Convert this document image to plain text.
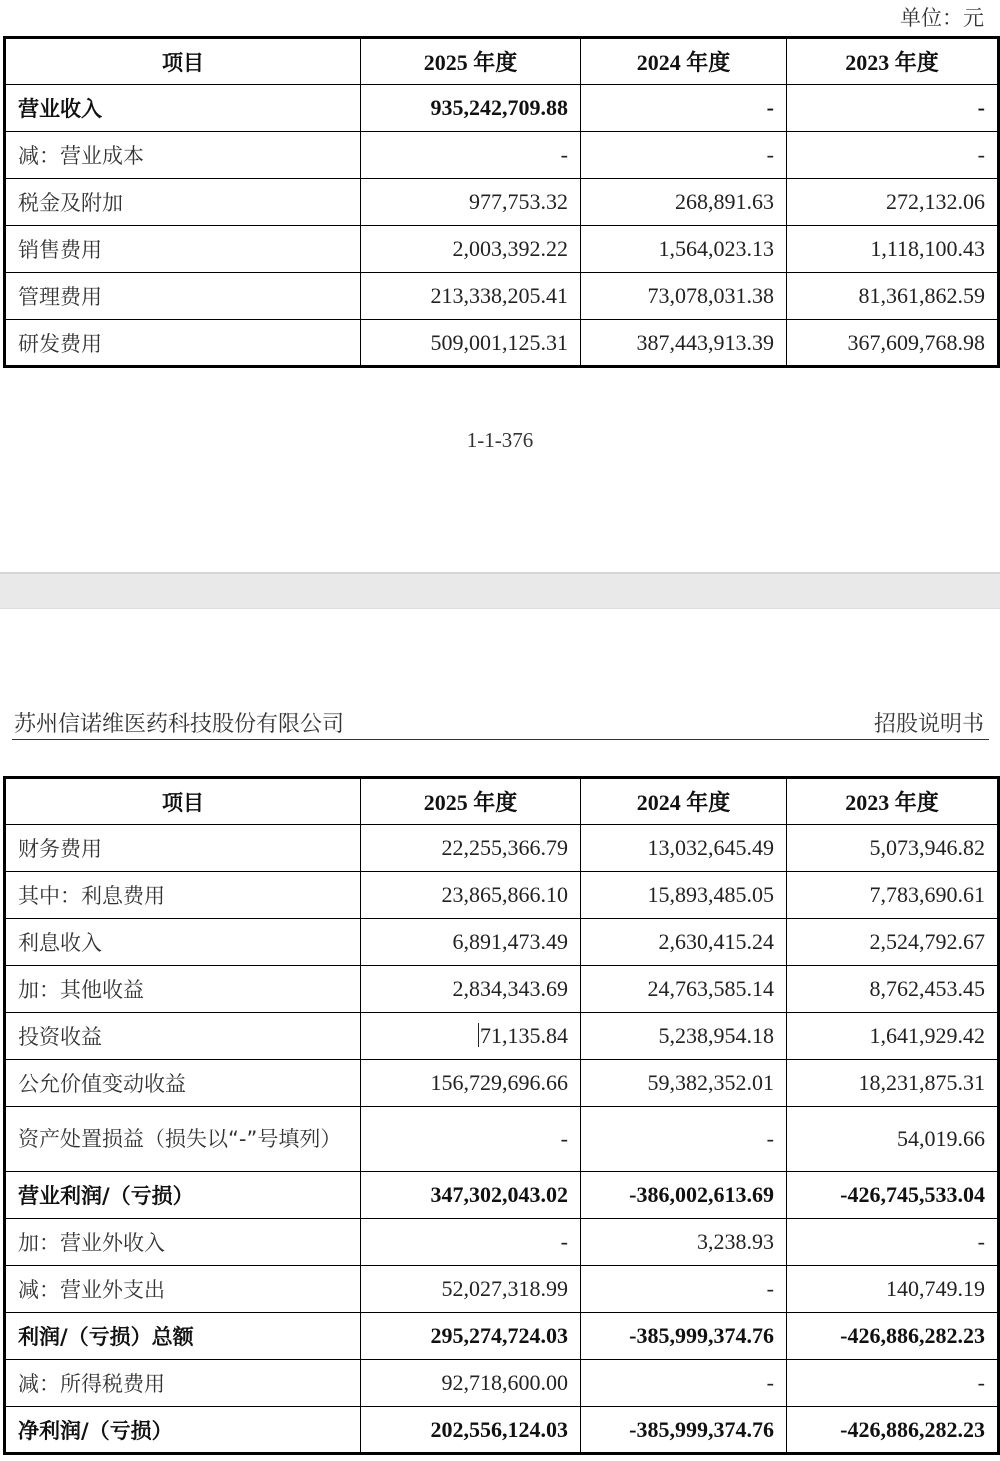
单位：元
项目	2025 年度	2024 年度	2023 年度
营业收入	935,242,709.88	-	-
减：营业成本	-	-	-
税金及附加	977,753.32	268,891.63	272,132.06
销售费用	2,003,392.22	1,564,023.13	1,118,100.43
管理费用	213,338,205.41	73,078,031.38	81,361,862.59
研发费用	509,001,125.31	387,443,913.39	367,609,768.98
1-1-376
苏州信诺维医药科技股份有限公司	招股说明书
项目	2025 年度	2024 年度	2023 年度
财务费用	22,255,366.79	13,032,645.49	5,073,946.82
其中：利息费用	23,865,866.10	15,893,485.05	7,783,690.61
利息收入	6,891,473.49	2,630,415.24	2,524,792.67
加：其他收益	2,834,343.69	24,763,585.14	8,762,453.45
投资收益	71,135.84	5,238,954.18	1,641,929.42
公允价值变动收益	156,729,696.66	59,382,352.01	18,231,875.31
资产处置损益（损失以“-”号填列）	-	-	54,019.66
营业利润/（亏损）	347,302,043.02	-386,002,613.69	-426,745,533.04
加：营业外收入	-	3,238.93	-
减：营业外支出	52,027,318.99	-	140,749.19
利润/（亏损）总额	295,274,724.03	-385,999,374.76	-426,886,282.23
减：所得税费用	92,718,600.00	-	-
净利润/（亏损）	202,556,124.03	-385,999,374.76	-426,886,282.23
